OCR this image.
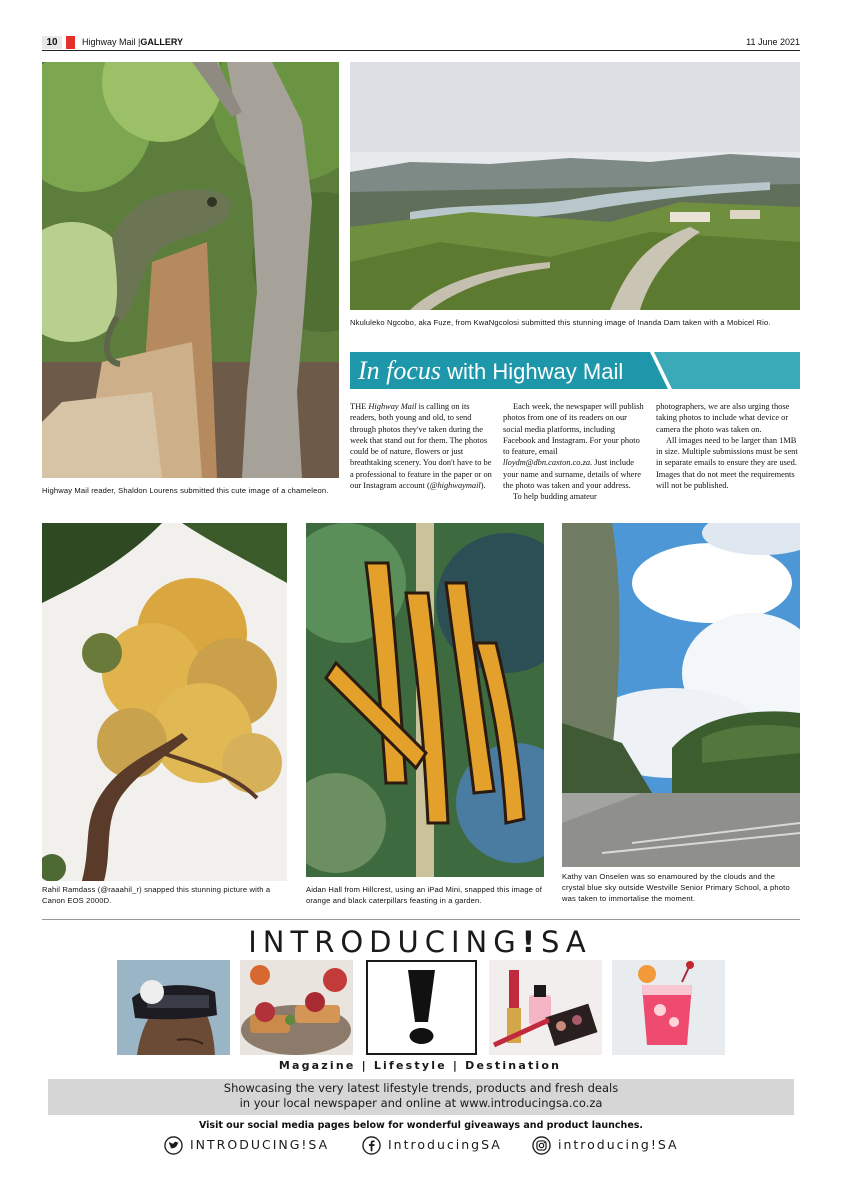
10	Highway Mail |GALLERY	11 June 2021
Highway Mail reader, Shaldon Lourens submitted this cute image of a chameleon.
Nkululeko Ngcobo, aka Fuze, from KwaNgcolosi submitted this stunning image of Inanda Dam taken with a Mobicel Rio.
In focus with Highway Mail

THE Highway Mail is calling on its readers, both young and old, to send through photos they've taken during the week that stand out for them. The photos could be of nature, flowers or just breathtaking scenery. You don't have to be a professional to feature in the paper or on our Instagram account (@highwaymail).

Each week, the newspaper will publish photos from one of its readers on our social media platforms, including Facebook and Instagram. For your photo to feature, email lloydm@dbn.caxton.co.za. Just include your name and surname, details of where the photo was taken and your address.

To help budding amateur

photographers, we are also urging those taking photos to include what device or camera the photo was taken on.

All images need to be larger than 1MB in size. Multiple submissions must be sent in separate emails to ensure they are used. Images that do not meet the requirements will not be published.

Rahil Ramdass (@raaahil_r) snapped this stunning picture with a Canon EOS 2000D.
Aidan Hall from Hillcrest, using an iPad Mini, snapped this image of orange and black caterpillars feasting in a garden.
Kathy van Onselen was so enamoured by the clouds and the crystal blue sky outside Westville Senior Primary School, a photo was taken to immortalise the moment.
INTRODUCING!SA
Magazine | Lifestyle | Destination
Showcasing the very latest lifestyle trends, products and fresh deals
in your local newspaper and online at www.introducingsa.co.za
Visit our social media pages below for wonderful giveaways and product launches.
INTRODUCING!SA	IntroducingSA	introducing!SA
